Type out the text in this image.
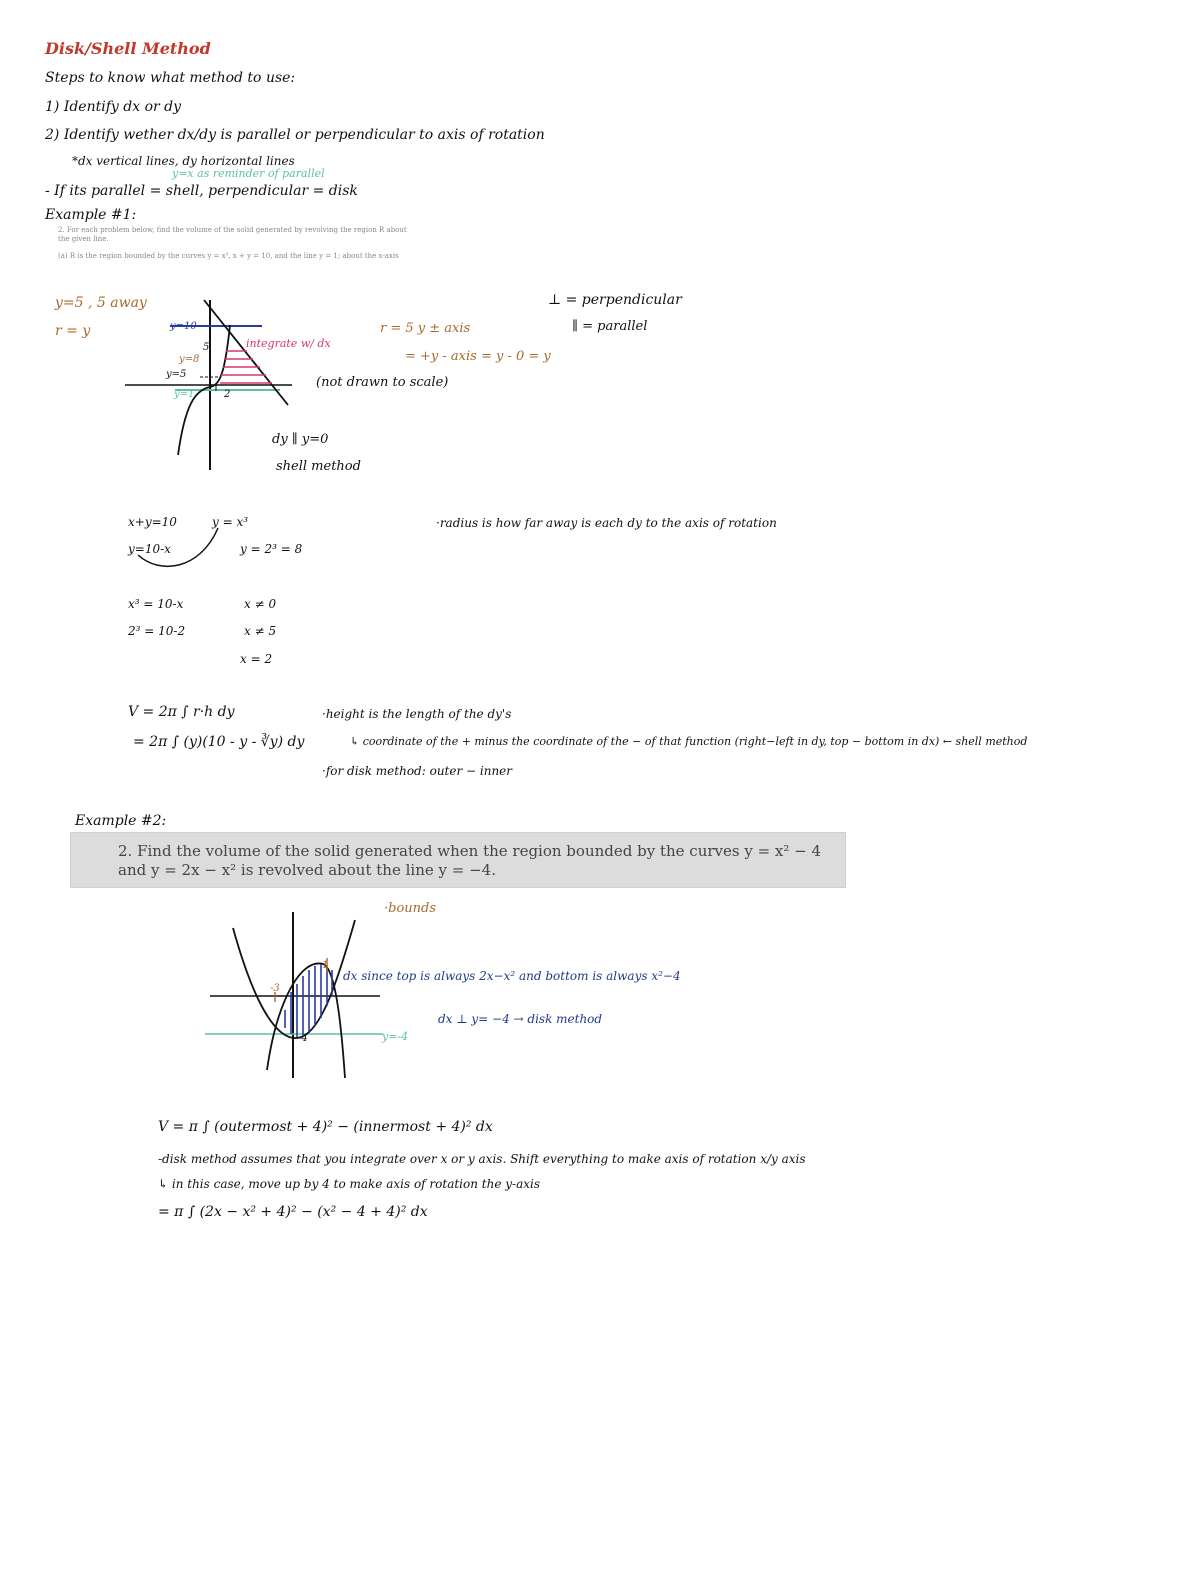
Disk/Shell Method
Steps to know what method to use:
1) Identify dx or dy
2) Identify wether dx/dy is parallel or perpendicular to axis of rotation
*dx vertical lines, dy horizontal lines
y=x as reminder of parallel
- If its parallel = shell, perpendicular = disk
Example #1:

2. For each problem below, find the volume of the solid generated by revolving the region R about the given line.

(a) R is the region bounded by the curves y = x³, x + y = 10, and the line y = 1; about the x-axis

y=5 , 5 away
r = y	y=10
5
y=8
y=5
y=1	2
integrate w/ dx
r = 5 y ± axis
= +y - axis = y - 0 = y
(not drawn to scale)
dy ∥ y=0
shell method
⊥ = perpendicular
∥ = parallel
x+y=10	y = x³
y=10-x	y = 2³ = 8
x³ = 10-x	x ≠ 0
2³ = 10-2	x ≠ 5
x = 2
·radius is how far away is each dy to the axis of rotation
V = 2π ∫ r·h dy
= 2π ∫ (y)(10 - y - ∛y) dy
·height is the length of the dy's
↳ coordinate of the + minus the coordinate of the − of that function (right−left in dy, top − bottom in dx) ← shell method
·for disk method: outer − inner
Example #2:
2. Find the volume of the solid generated when the region bounded by the curves y = x² − 4
and y = 2x − x² is revolved about the line y = −4.
·bounds
-3
1
-4	y=-4
dx since top is always 2x−x² and bottom is always x²−4
dx ⊥ y= −4 → disk method
V = π ∫ (outermost + 4)² − (innermost + 4)² dx
-disk method assumes that you integrate over x or y axis. Shift everything to make axis of rotation x/y axis
↳ in this case, move up by 4 to make axis of rotation the y-axis
= π ∫ (2x − x² + 4)² − (x² − 4 + 4)² dx
